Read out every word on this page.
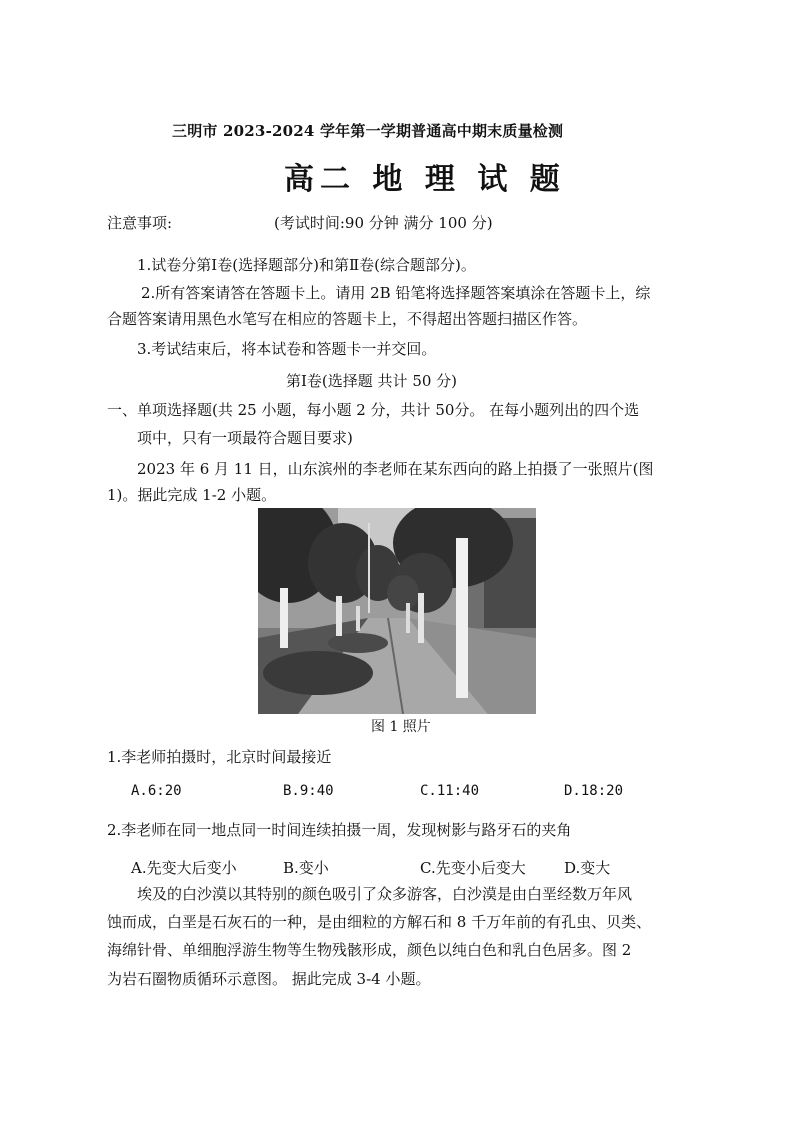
三明市 2023-2024 学年第一学期普通高中期末质量检测
高二 地 理 试 题
注意事项:	(考试时间:90 分钟 满分 100 分)
1.试卷分第Ⅰ卷(选择题部分)和第Ⅱ卷(综合题部分)。
2.所有答案请答在答题卡上。请用 2B 铅笔将选择题答案填涂在答题卡上，综
合题答案请用黑色水笔写在相应的答题卡上，不得超出答题扫描区作答。
3.考试结束后，将本试卷和答题卡一并交回。
第Ⅰ卷(选择题 共计 50 分)
一、单项选择题(共 25 小题，每小题 2 分，共计 50分。 在每小题列出的四个选
项中，只有一项最符合题目要求)
2023 年 6 月 11 日，山东滨州的李老师在某东西向的路上拍摄了一张照片(图
1)。据此完成 1-2 小题。
图 1 照片
1.李老师拍摄时，北京时间最接近
A.6:20	B.9:40	C.11:40	D.18:20
2.李老师在同一地点同一时间连续拍摄一周，发现树影与路牙石的夹角
A.先变大后变小	B.变小	C.先变小后变大	D.变大
埃及的白沙漠以其特别的颜色吸引了众多游客，白沙漠是由白垩经数万年风
蚀而成，白垩是石灰石的一种，是由细粒的方解石和 8 千万年前的有孔虫、贝类、
海绵针骨、单细胞浮游生物等生物残骸形成，颜色以纯白色和乳白色居多。图 2
为岩石圈物质循环示意图。 据此完成 3-4 小题。
